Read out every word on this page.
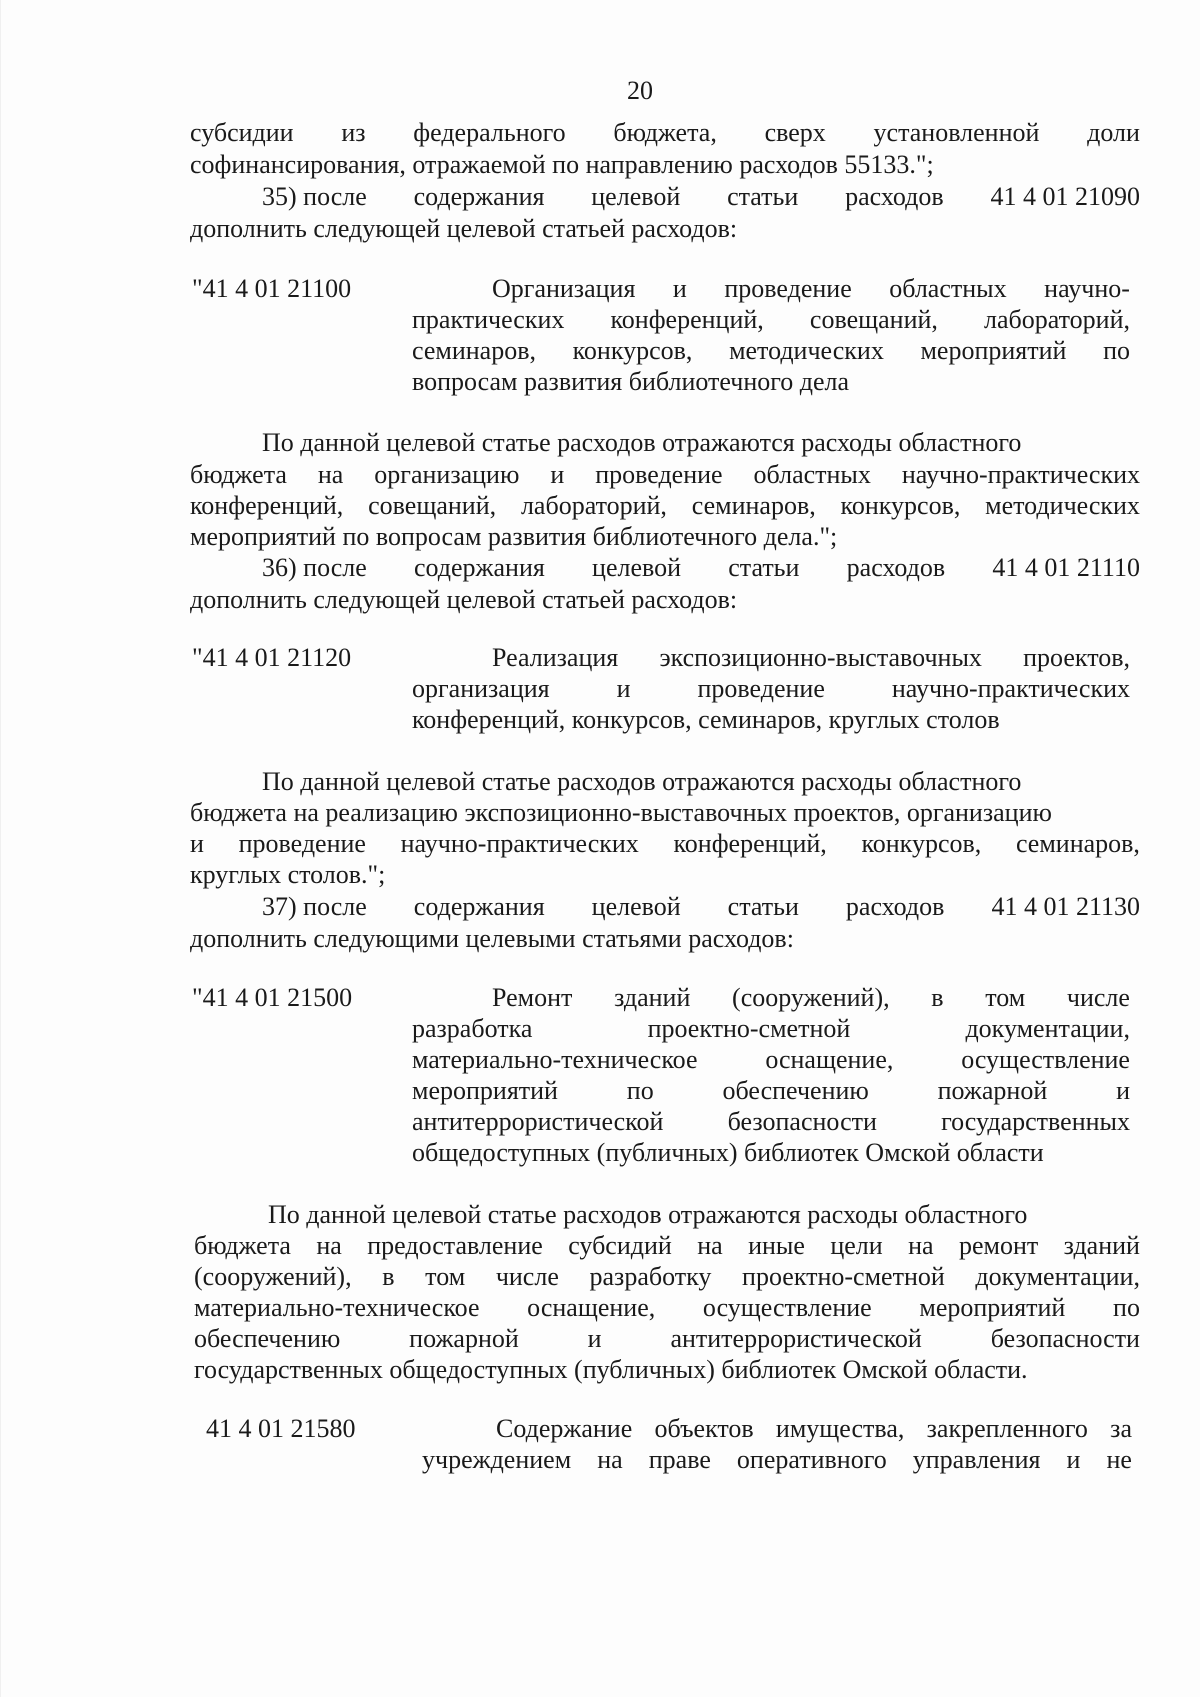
20
субсидии из федерального бюджета, сверх установленной доли
софинансирования, отражаемой по направлению расходов 55133.";
35) после содержания целевой статьи расходов 41 4 01 21090
дополнить следующей целевой статьей расходов:
"41 4 01 21100	Организация и проведение областных научно-
практических конференций, совещаний, лабораторий,
семинаров, конкурсов, методических мероприятий по
вопросам развития библиотечного дела
По данной целевой статье расходов отражаются расходы областного
бюджета на организацию и проведение областных научно-практических
конференций, совещаний, лабораторий, семинаров, конкурсов, методических
мероприятий по вопросам развития библиотечного дела.";
36) после содержания целевой статьи расходов 41 4 01 21110
дополнить следующей целевой статьей расходов:
"41 4 01 21120	Реализация экспозиционно-выставочных проектов,
организация	и	проведение	научно-практических
конференций, конкурсов, семинаров, круглых столов
По данной целевой статье расходов отражаются расходы областного
бюджета на реализацию экспозиционно-выставочных проектов, организацию
и проведение научно-практических конференций, конкурсов, семинаров,
круглых столов.";
37) после содержания целевой статьи расходов 41 4 01 21130
дополнить следующими целевыми статьями расходов:
"41 4 01 21500	Ремонт зданий (сооружений), в том числе
разработка	проектно-сметной	документации,
материально-техническое	оснащение,	осуществление
мероприятий	по	обеспечению	пожарной	и
антитеррористической безопасности государственных
общедоступных (публичных) библиотек Омской области
По данной целевой статье расходов отражаются расходы областного
бюджета на предоставление субсидий на иные цели на ремонт зданий
(сооружений), в том числе разработку проектно-сметной документации,
материально-техническое оснащение, осуществление мероприятий по
обеспечению	пожарной	и	антитеррористической	безопасности
государственных общедоступных (публичных) библиотек Омской области.
41 4 01 21580	Содержание объектов имущества, закрепленного за
учреждением на праве оперативного управления и не
